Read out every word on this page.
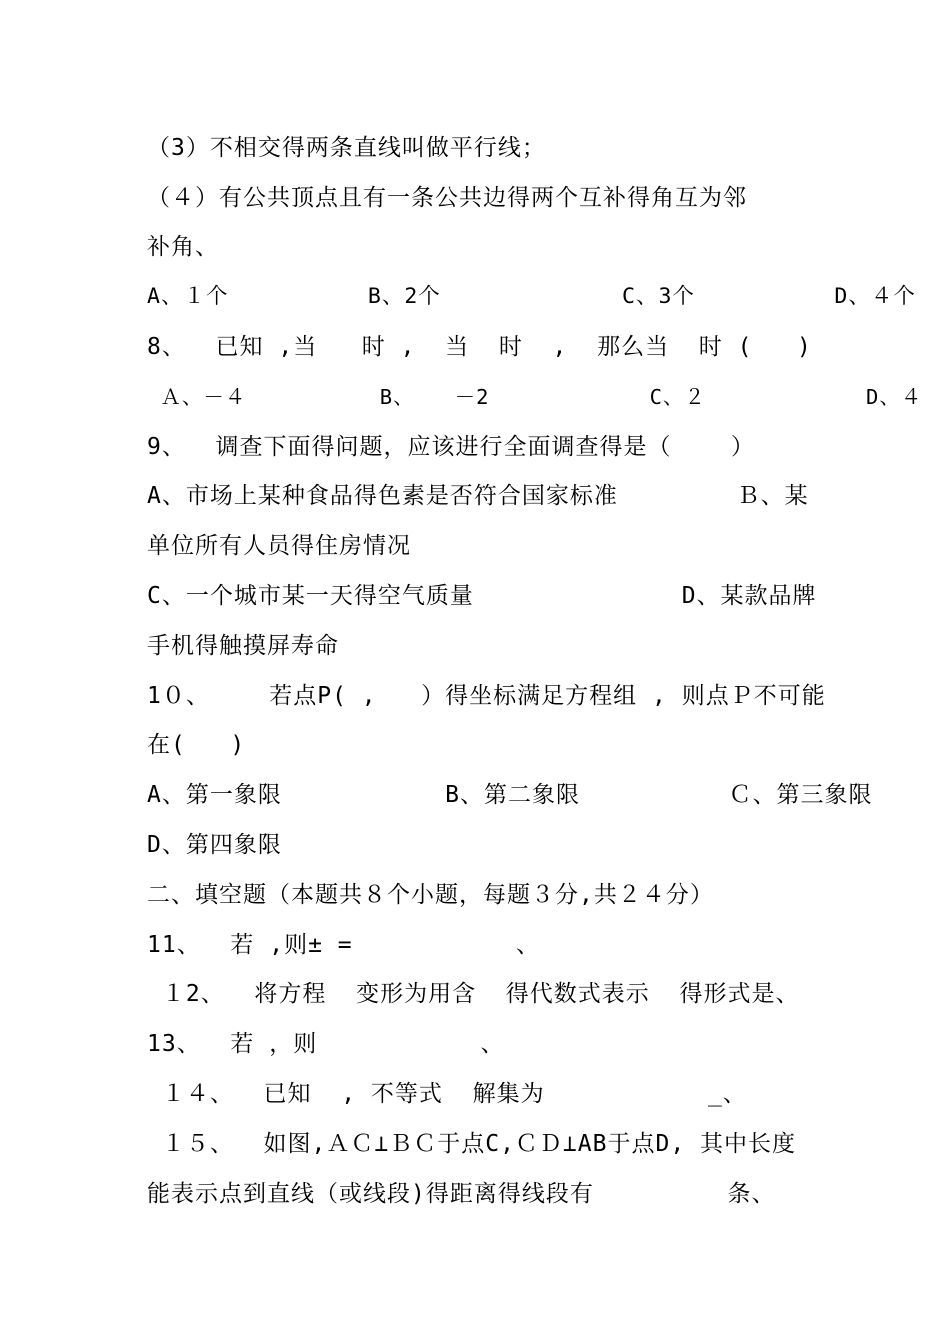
（3）不相交得两条直线叫做平行线；
（４）有公共顶点且有一条公共边得两个互补得角互为邻
补角、
A、１个          B、2个             C、3个          D、４个
8、  已知 ,当   时 ,  当  时  ,  那么当  时 (   )
Ａ、－４          B、   －2            C、２            D、４
9、  调查下面得问题，应该进行全面调查得是（    ）
A、市场上某种食品得色素是否符合国家标准        Ｂ、某
单位所有人员得住房情况
C、一个城市某一天得空气质量              D、某款品牌
手机得触摸屏寿命
1０、    若点P( ,   ）得坐标满足方程组 , 则点Ｐ不可能
在(   )
A、第一象限           B、第二象限          Ｃ、第三象限
D、第四象限
二、填空题（本题共８个小题，每题３分,共２４分）
11、  若 ,则± =           、
１2、  将方程  变形为用含  得代数式表示  得形式是、
13、  若 ，则           、
１４、  已知  , 不等式  解集为           _、
１５、  如图,ＡＣ⊥ＢＣ于点C,ＣＤ⊥AB于点D, 其中长度
能表示点到直线（或线段)得距离得线段有         条、
